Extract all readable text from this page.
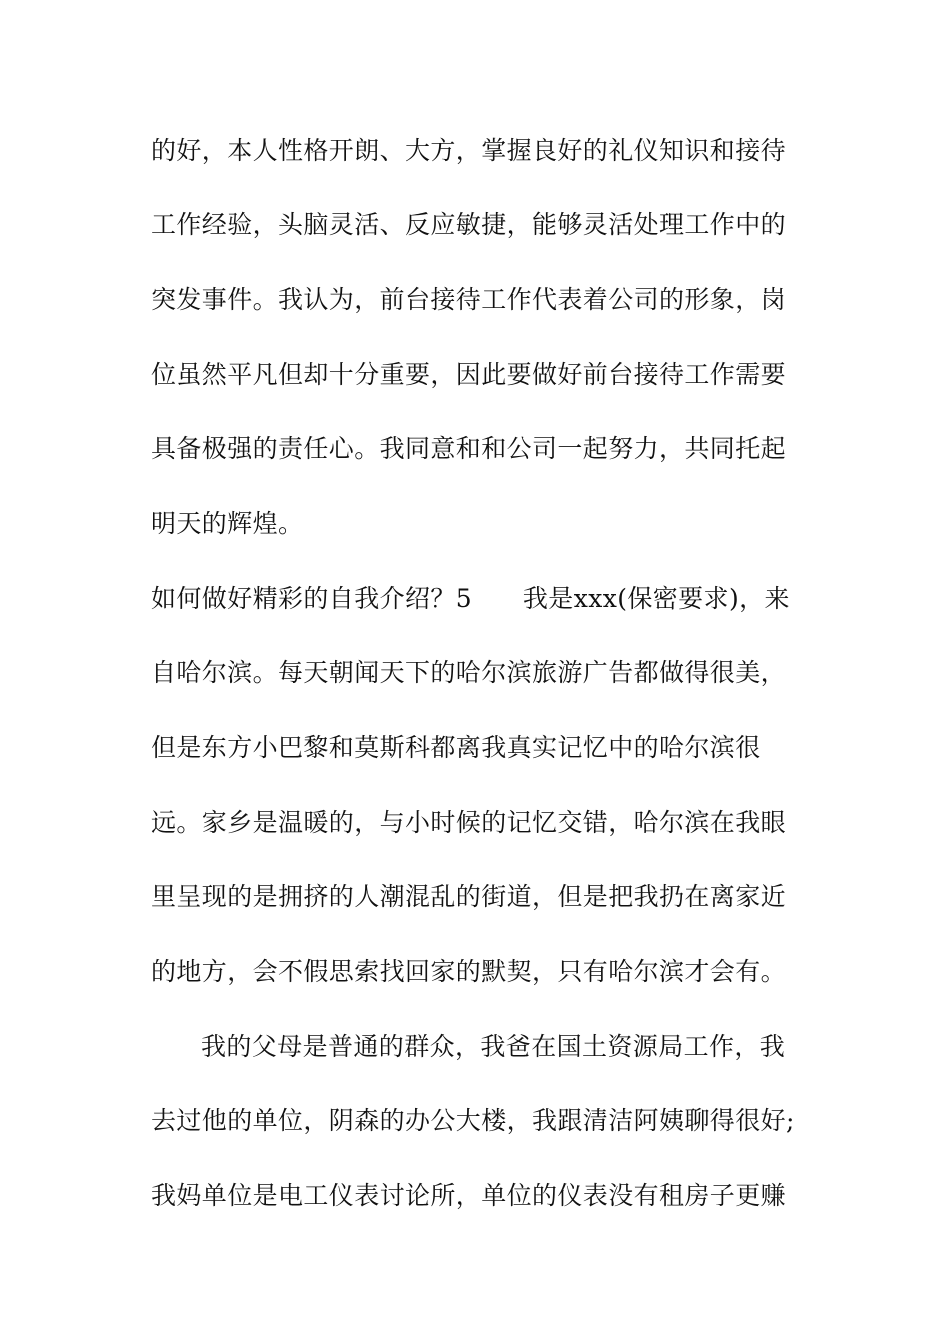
的好，本人性格开朗、大方，掌握良好的礼仪知识和接待
工作经验，头脑灵活、反应敏捷，能够灵活处理工作中的
突发事件。我认为，前台接待工作代表着公司的形象，岗
位虽然平凡但却十分重要，因此要做好前台接待工作需要
具备极强的责任心。我同意和和公司一起努力，共同托起
明天的辉煌。
如何做好精彩的自我介绍？5　　我是xxx(保密要求)，来
自哈尔滨。每天朝闻天下的哈尔滨旅游广告都做得很美，
但是东方小巴黎和莫斯科都离我真实记忆中的哈尔滨很
远。家乡是温暖的，与小时候的记忆交错，哈尔滨在我眼
里呈现的是拥挤的人潮混乱的街道，但是把我扔在离家近
的地方，会不假思索找回家的默契，只有哈尔滨才会有。
我的父母是普通的群众，我爸在国土资源局工作，我
去过他的单位，阴森的办公大楼，我跟清洁阿姨聊得很好;
我妈单位是电工仪表讨论所，单位的仪表没有租房子更赚
